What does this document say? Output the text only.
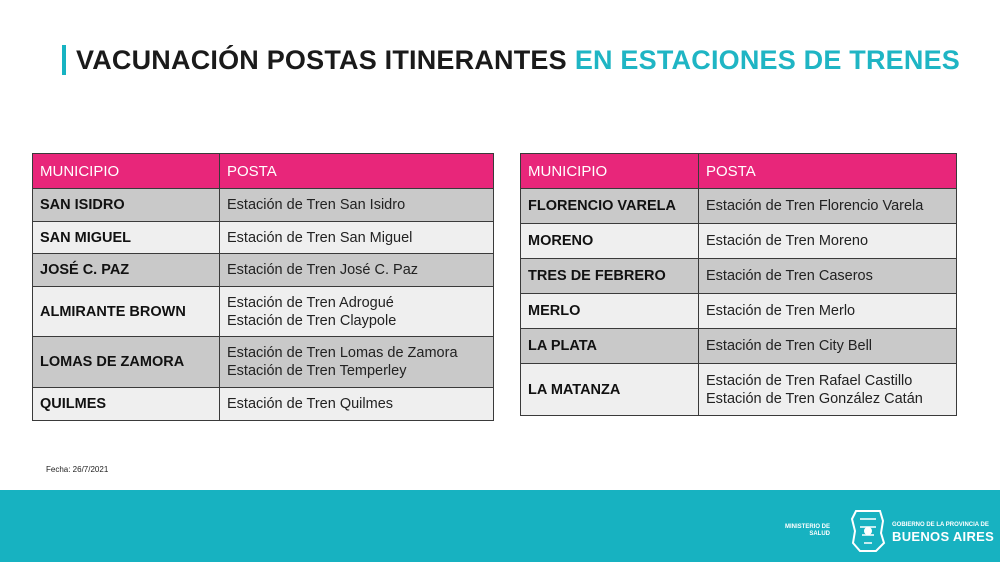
VACUNACIÓN POSTAS ITINERANTES EN ESTACIONES DE TRENES
MUNICIPIO	POSTA
SAN ISIDRO	Estación de Tren San Isidro

SAN MIGUEL	Estación de Tren San Miguel

JOSÉ C. PAZ	Estación de Tren José C. Paz

ALMIRANTE BROWN	Estación de Tren Adrogué
Estación de Tren Claypole

LOMAS DE ZAMORA	Estación de Tren Lomas de Zamora
Estación de Tren Temperley

QUILMES	Estación de Tren Quilmes
MUNICIPIO	POSTA
FLORENCIO VARELA	Estación de Tren Florencio Varela

MORENO	Estación de Tren Moreno

TRES DE FEBRERO	Estación de Tren Caseros

MERLO	Estación de Tren Merlo

LA PLATA	Estación de Tren City Bell

LA MATANZA	Estación de Tren Rafael Castillo
Estación de Tren González Catán
Fecha: 26/7/2021
MINISTERIO DE
SALUD
GOBIERNO DE LA PROVINCIA DE
BUENOS AIRES
